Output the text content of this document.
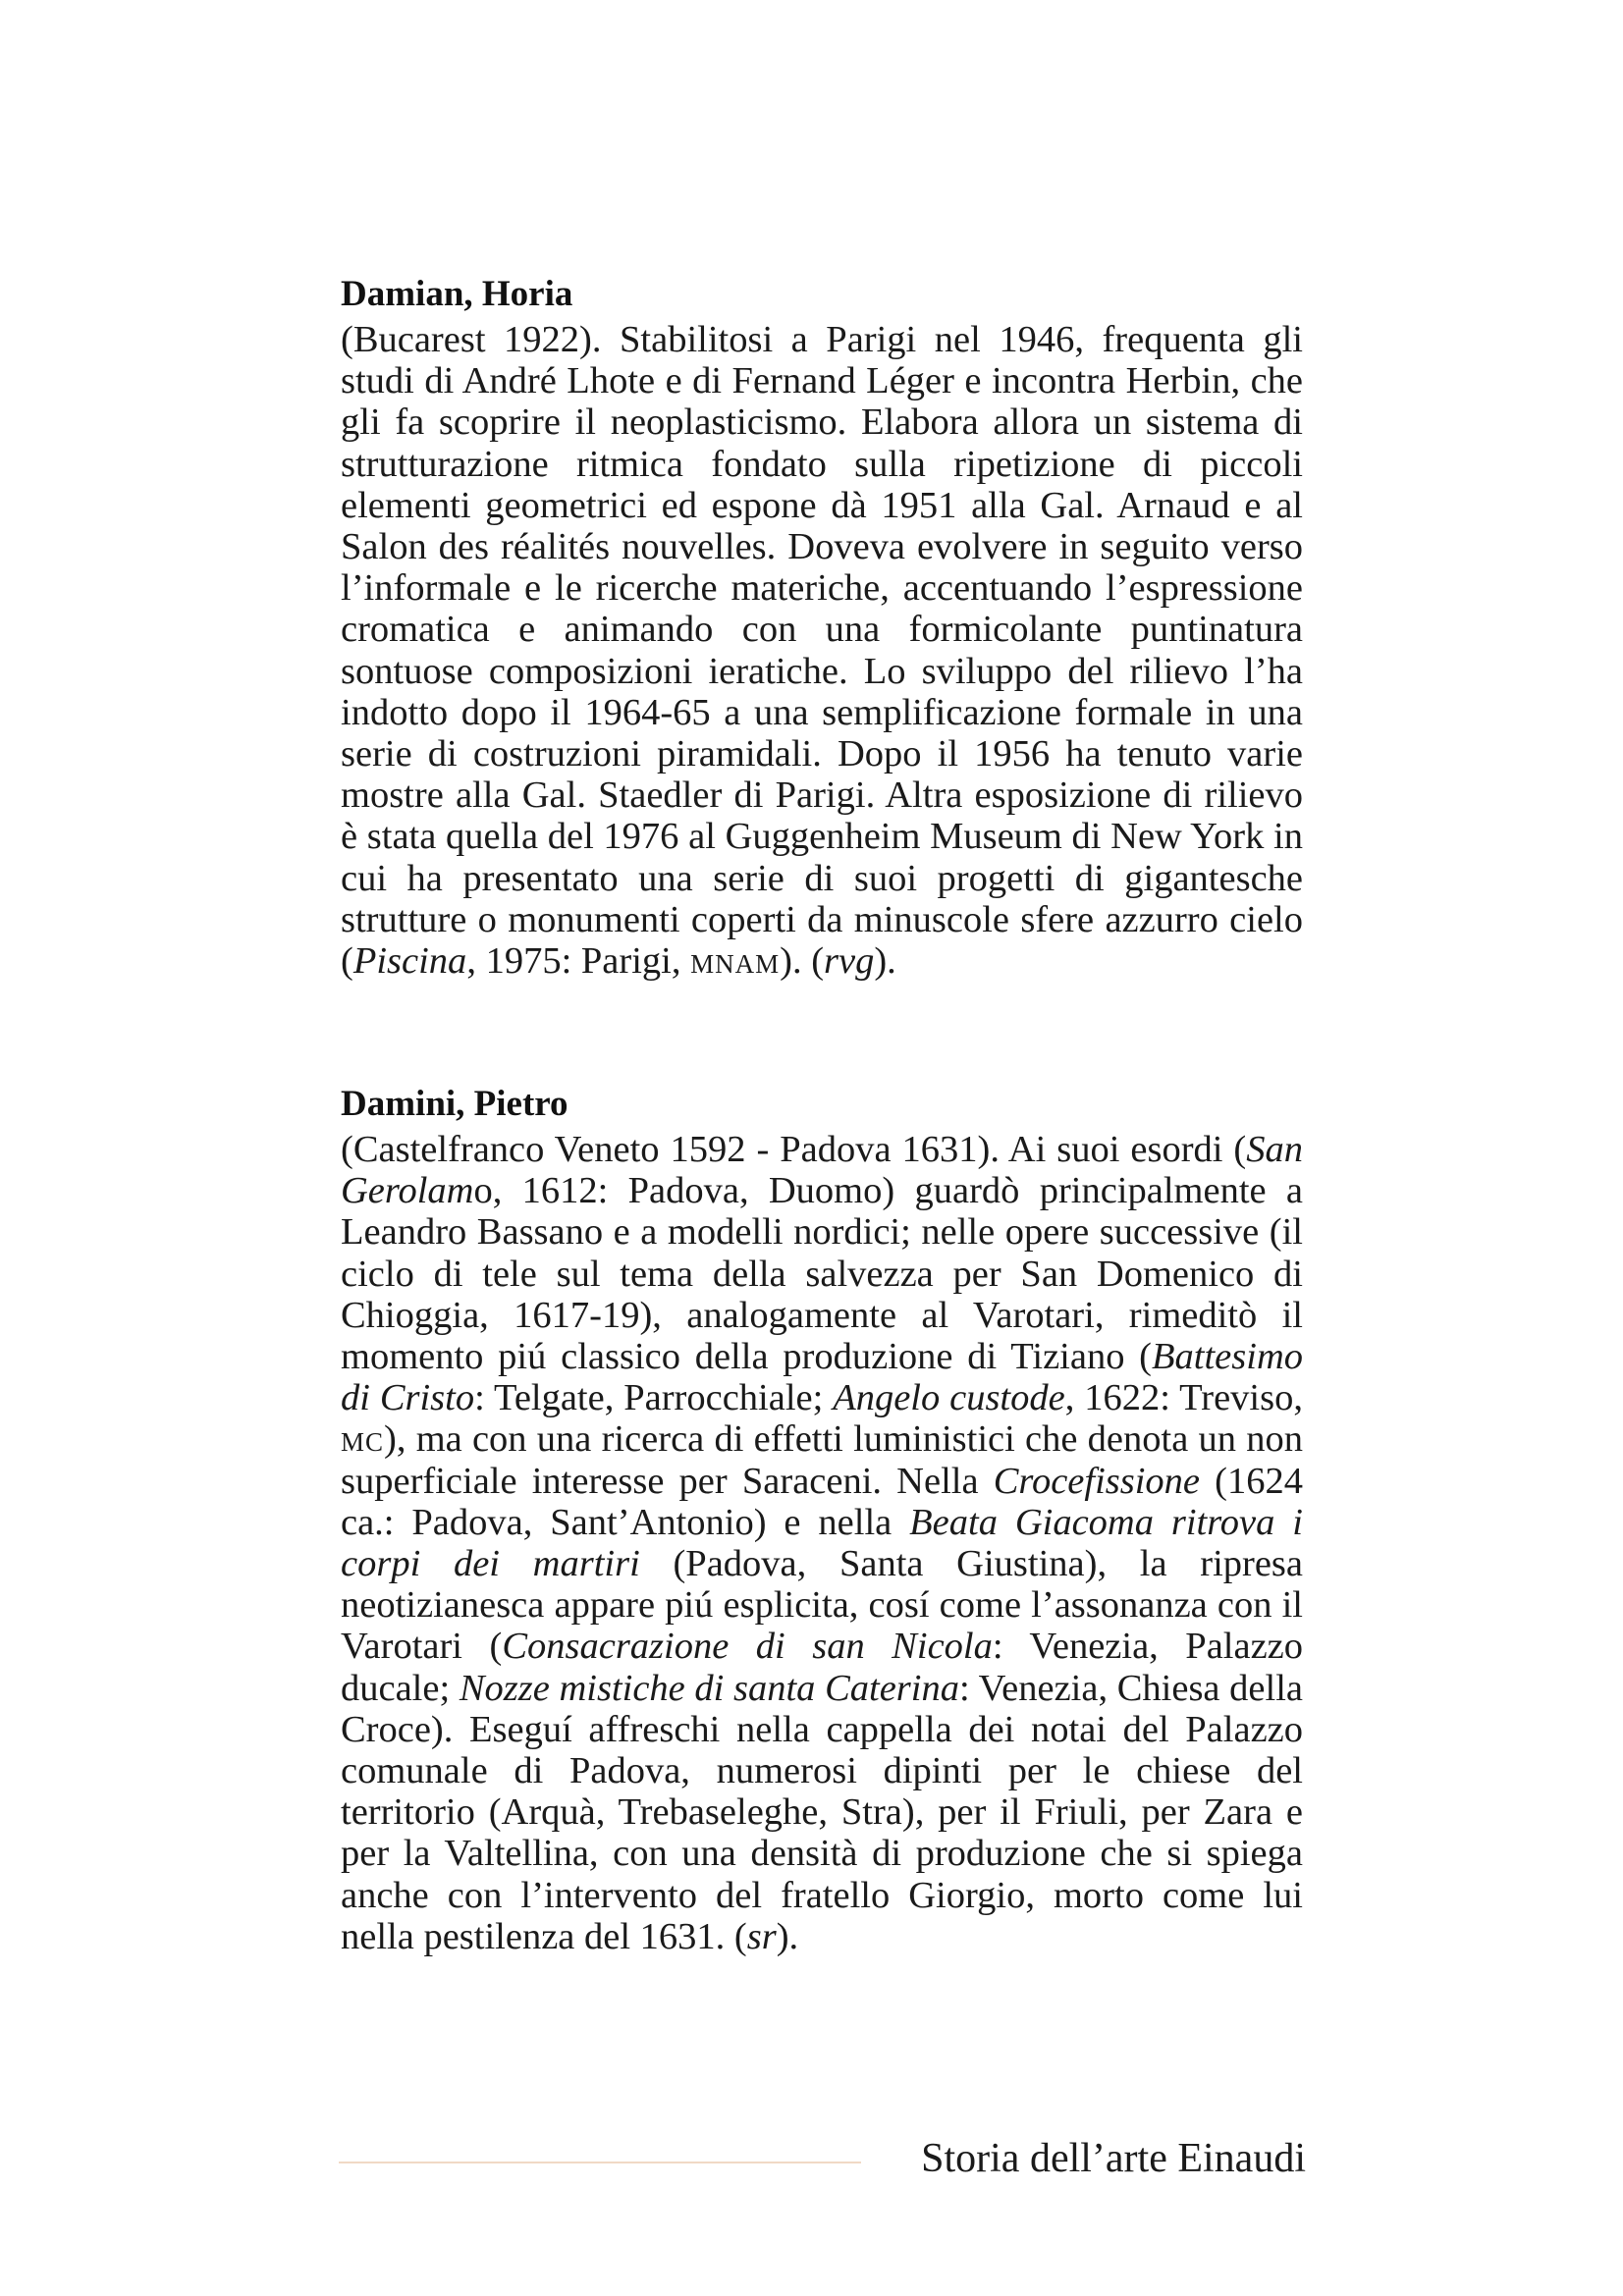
Damian, Horia

(Bucarest 1922). Stabilitosi a Parigi nel 1946, frequenta gli studi di André Lhote e di Fernand Léger e incontra Herbin, che gli fa scoprire il neoplasticismo. Elabora allora un sistema di strutturazione ritmica fondato sulla ripetizione di piccoli elementi geometrici ed espone dà 1951 alla Gal. Arnaud e al Salon des réalités nouvelles. Doveva evolvere in seguito verso l’informale e le ricerche materiche, accentuando l’espressione cromatica e animando con una formicolante puntinatura sontuose composizioni ieratiche. Lo sviluppo del rilievo l’ha indotto dopo il 1964-65 a una semplificazione formale in una serie di costruzioni piramidali. Dopo il 1956 ha tenuto varie mostre alla Gal. Staedler di Parigi. Altra esposizione di rilievo è stata quella del 1976 al Guggenheim Museum di New York in cui ha presentato una serie di suoi progetti di gigantesche strutture o monumenti coperti da minuscole sfere azzurro cielo (Piscina, 1975: Parigi, mnam). (rvg).

Damini, Pietro

(Castelfranco Veneto 1592 - Padova 1631). Ai suoi esordi (San Gerolamo, 1612: Padova, Duomo) guardò principalmente a Leandro Bassano e a modelli nordici; nelle opere successive (il ciclo di tele sul tema della salvezza per San Domenico di Chioggia, 1617-19), analogamente al Varotari, rimeditò il momento piú classico della produzione di Tiziano (Battesimo di Cristo: Telgate, Parrocchiale; Angelo custode, 1622: Treviso, mc), ma con una ricerca di effetti luministici che denota un non superficiale interesse per Saraceni. Nella Crocefissione (1624 ca.: Padova, Sant’Antonio) e nella Beata Giacoma ritrova i corpi dei martiri (Padova, Santa Giustina), la ripresa neotizianesca appare piú esplicita, cosí come l’assonanza con il Varotari (Consacrazione di san Nicola: Venezia, Palazzo ducale; Nozze mistiche di santa Caterina: Venezia, Chiesa della Croce). Eseguí affreschi nella cappella dei notai del Palazzo comunale di Padova, numerosi dipinti per le chiese del territorio (Arquà, Trebaseleghe, Stra), per il Friuli, per Zara e per la Valtellina, con una densità di produzione che si spiega anche con l’intervento del fratello Giorgio, morto come lui nella pestilenza del 1631. (sr).

Storia dell’arte Einaudi
